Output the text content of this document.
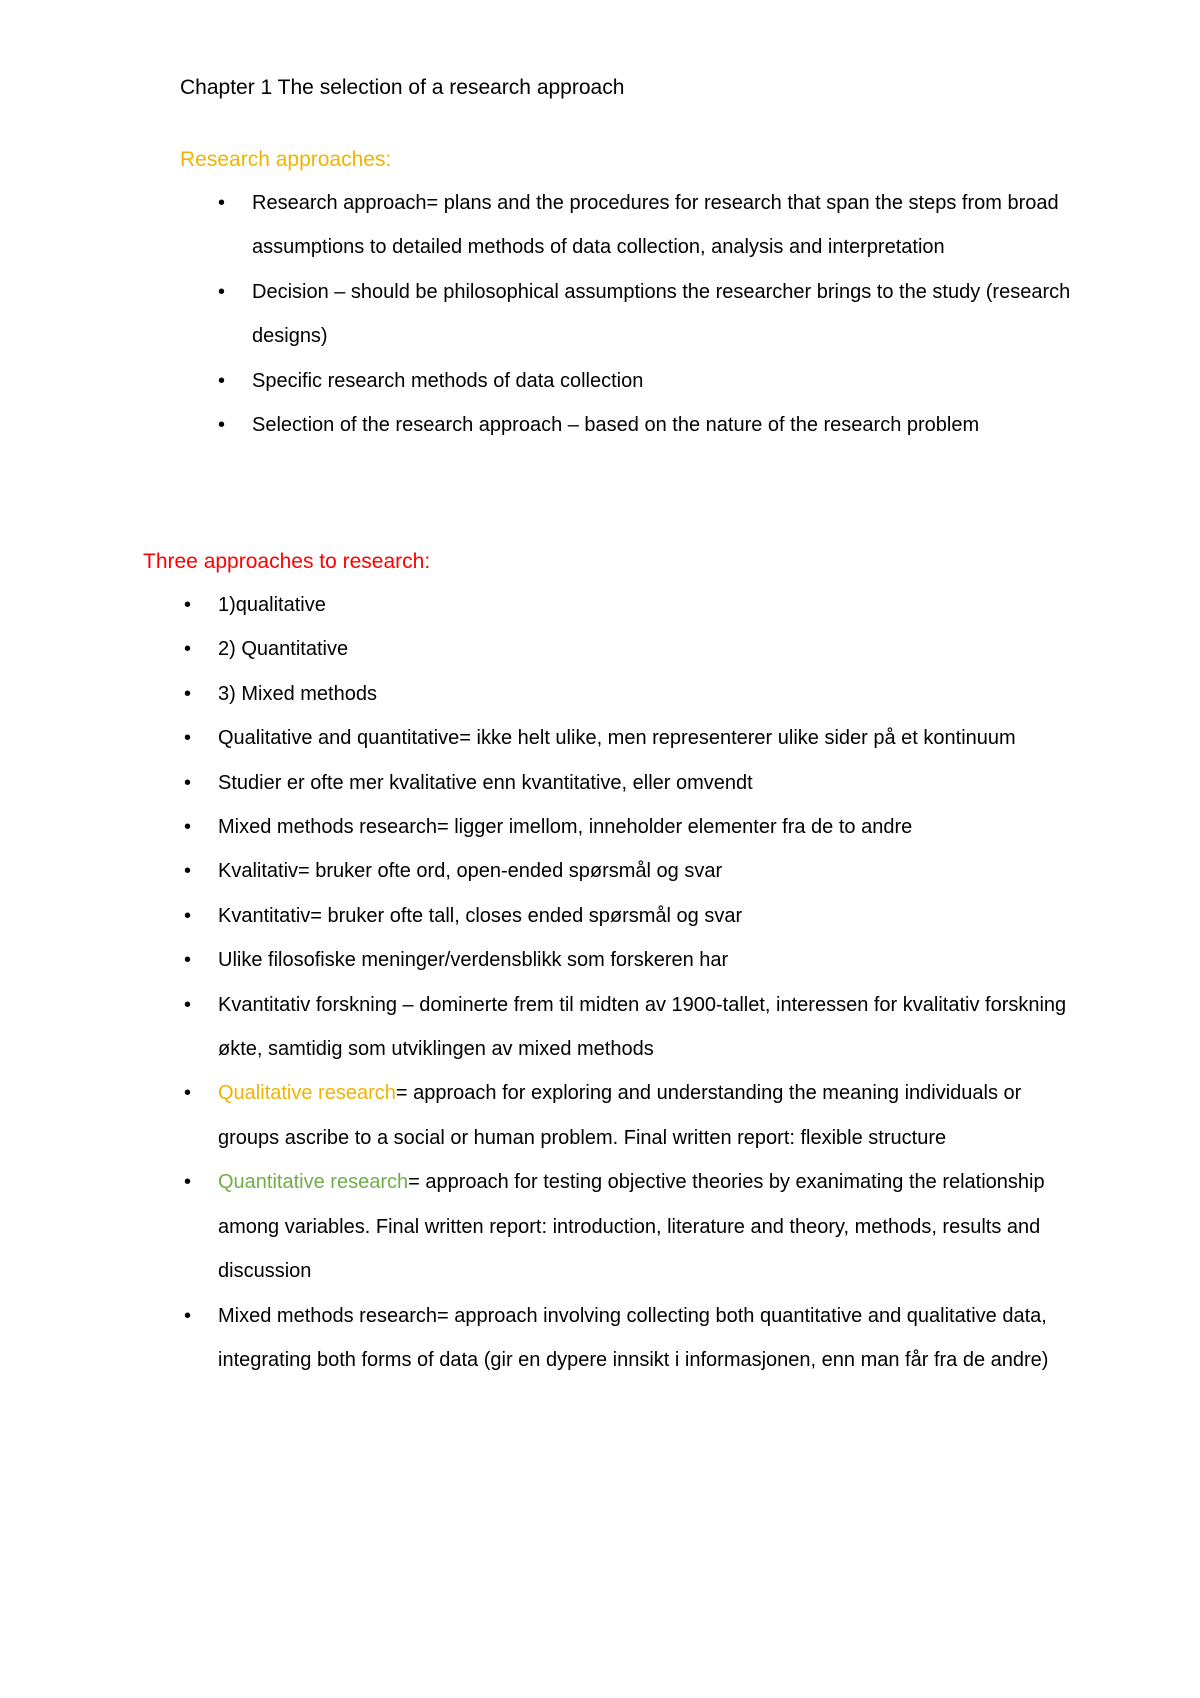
Chapter 1 The selection of a research approach
Research approaches:
•	Research approach= plans and the procedures for research that span the steps from broad assumptions to detailed methods of data collection, analysis and interpretation
•	Decision – should be philosophical assumptions the researcher brings to the study (research designs)
•	Specific research methods of data collection
•	Selection of the research approach – based on the nature of the research problem
Three approaches to research:
•	1)qualitative
•	2) Quantitative
•	3) Mixed methods
•	Qualitative and quantitative= ikke helt ulike, men representerer ulike sider på et kontinuum
•	Studier er ofte mer kvalitative enn kvantitative, eller omvendt
•	Mixed methods research= ligger imellom, inneholder elementer fra de to andre
•	Kvalitativ= bruker ofte ord, open-ended spørsmål og svar
•	Kvantitativ= bruker ofte tall, closes ended spørsmål og svar
•	Ulike filosofiske meninger/verdensblikk som forskeren har
•	Kvantitativ forskning – dominerte frem til midten av 1900-tallet, interessen for kvalitativ forskning økte, samtidig som utviklingen av mixed methods
•	Qualitative research= approach for exploring and understanding the meaning individuals or groups ascribe to a social or human problem. Final written report: flexible structure
•	Quantitative research= approach for testing objective theories by exanimating the relationship among variables. Final written report: introduction, literature and theory, methods, results and discussion
•	Mixed methods research= approach involving collecting both quantitative and qualitative data, integrating both forms of data (gir en dypere innsikt i informasjonen, enn man får fra de andre)
